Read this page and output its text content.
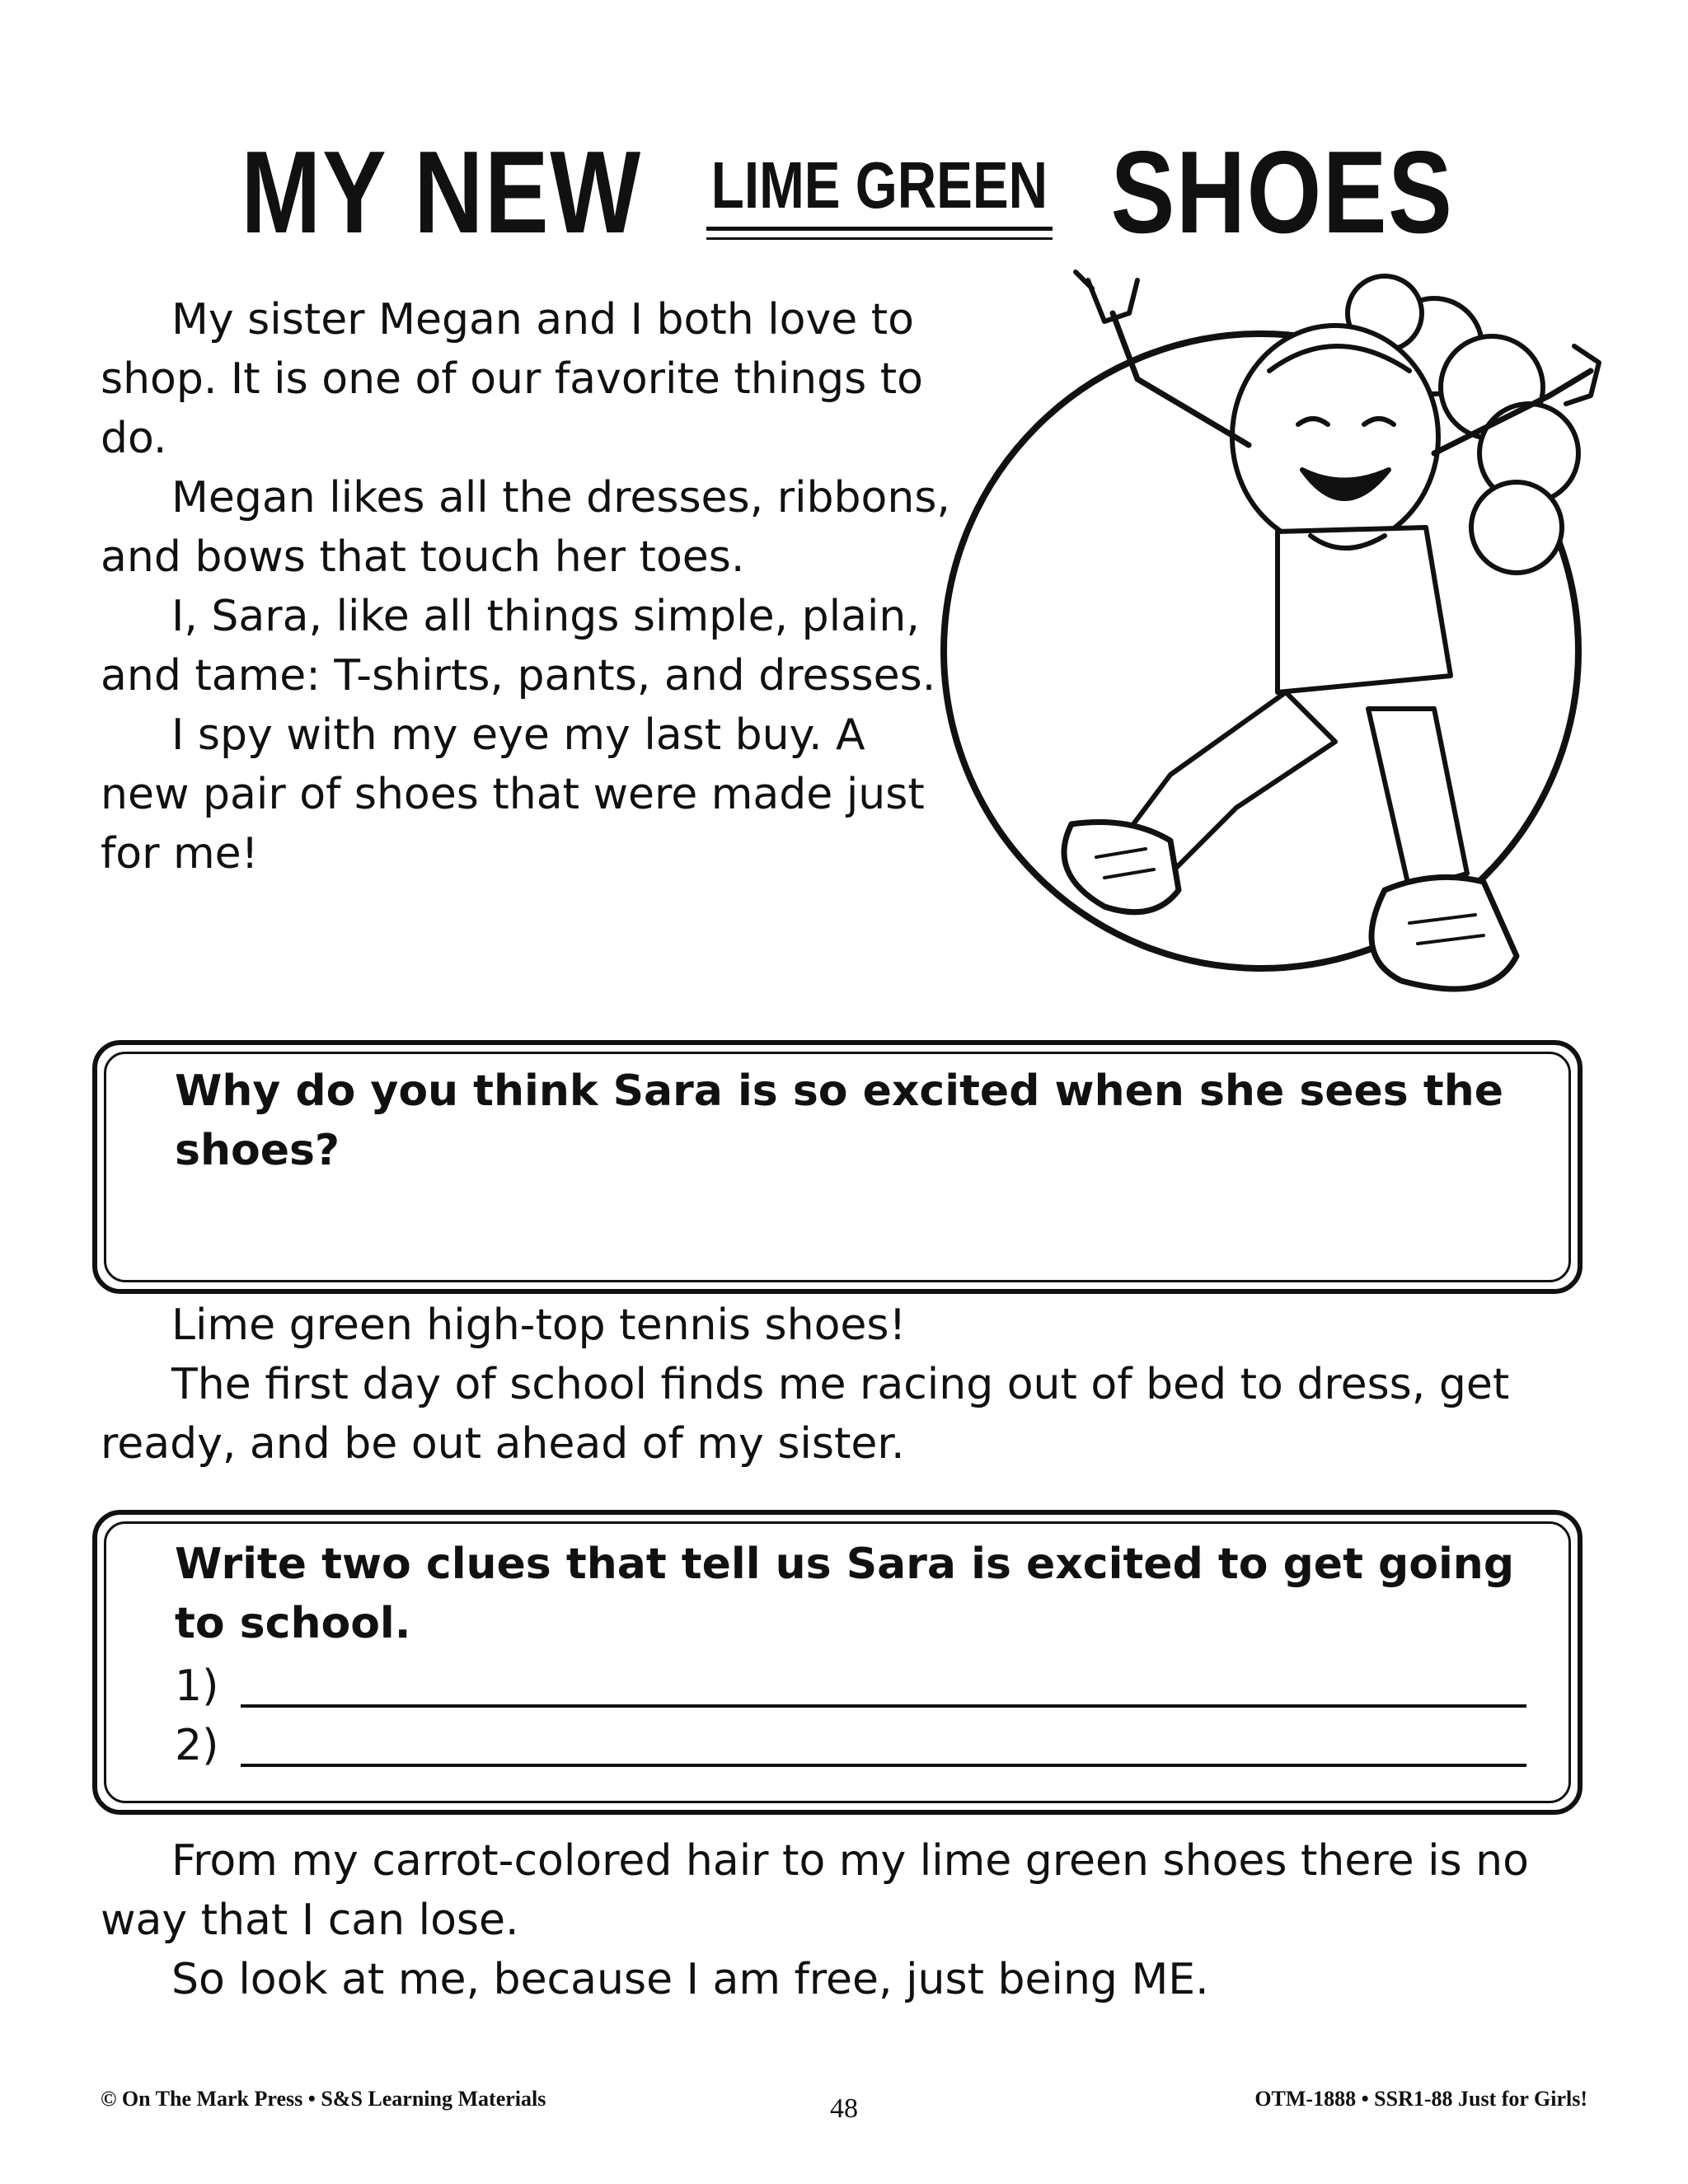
MY NEW LIME GREEN SHOES

My sister Megan and I both love to shop. It is one of our favorite things to do.

Megan likes all the dresses, ribbons, and bows that touch her toes.

I, Sara, like all things simple, plain, and tame: T-shirts, pants, and dresses.

I spy with my eye my last buy. A new pair of shoes that were made just for me!

Why do you think Sara is so excited when she sees the shoes?

Lime green high-top tennis shoes!

The first day of school finds me racing out of bed to dress, get ready, and be out ahead of my sister.

Write two clues that tell us Sara is excited to get going to school.
1)
2)

From my carrot-colored hair to my lime green shoes there is no way that I can lose.

So look at me, because I am free, just being ME.

© On The Mark Press • S&S Learning Materials	48	OTM-1888 • SSR1-88 Just for Girls!
